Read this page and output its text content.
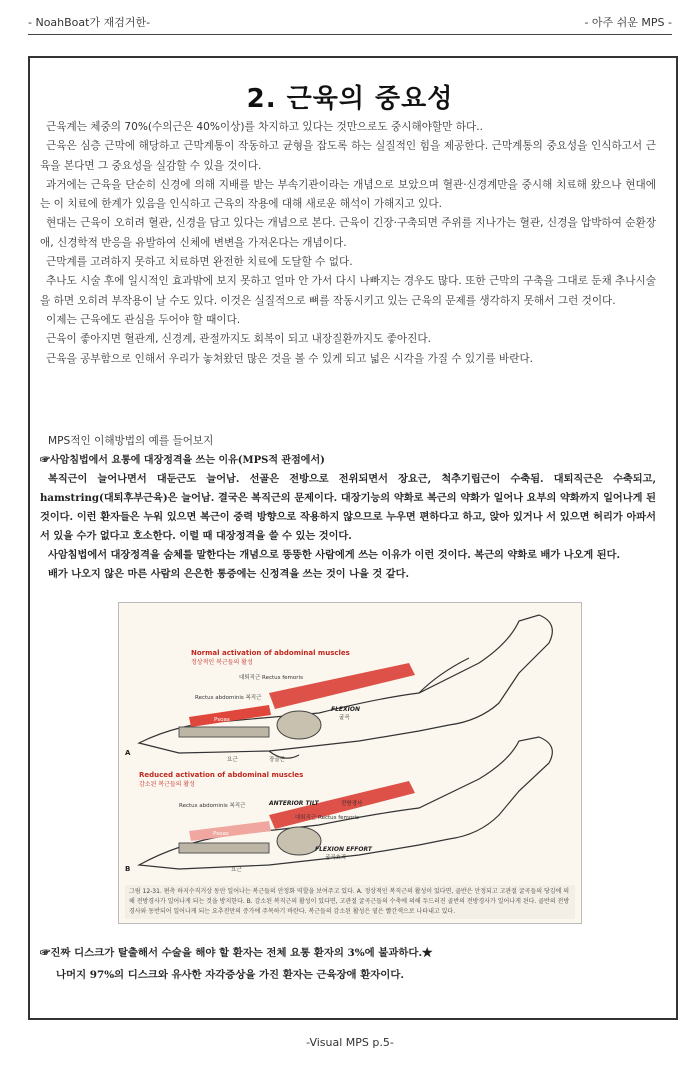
- NoahBoat가 재검거한-	- 아주 쉬운 MPS -
2. 근육의 중요성

근육계는 체중의 70%(수의근은 40%이상)를 차지하고 있다는 것만으로도 중시해야할만 하다..

근육은 심층 근막에 해당하고 근막계통이 작동하고 균형을 잡도록 하는 실질적인 힘을 제공한다. 근막계통의 중요성을 인식하고서 근육을 본다면 그 중요성을 실감할 수 있을 것이다.

과거에는 근육을 단순히 신경에 의해 지배를 받는 부속기관이라는 개념으로 보았으며 혈관·신경계만을 중시해 치료해 왔으나 현대에는 이 치료에 한계가 있음을 인식하고 근육의 작용에 대해 새로운 해석이 가해지고 있다.

현대는 근육이 오히려 혈관, 신경을 담고 있다는 개념으로 본다. 근육이 긴장·구축되면 주위를 지나가는 혈관, 신경을 압박하여 순환장애, 신경학적 반응을 유발하여 신체에 변변을 가져온다는 개념이다.

근막계를 고려하지 못하고 치료하면 완전한 치료에 도달할 수 없다.

추나도 시술 후에 일시적인 효과밖에 보지 못하고 얼마 안 가서 다시 나빠지는 경우도 많다. 또한 근막의 구축을 그대로 둔채 추나시술을 하면 오히려 부작용이 날 수도 있다. 이것은 실질적으로 뼈를 작동시키고 있는 근육의 문제를 생각하지 못해서 그런 것이다.

이제는 근육에도 관심을 두어야 할 때이다.

근육이 좋아지면 혈관계, 신경계, 관절까지도 회복이 되고 내장질환까지도 좋아진다.

근육을 공부함으로 인해서 우리가 놓쳐왔던 많은 것을 볼 수 있게 되고 넓은 시각을 가질 수 있기를 바란다.

MPS적인 이해방법의 예를 들어보지

☞사암침법에서 요통에 대장정격을 쓰는 이유(MPS적 관점에서)

복직근이 늘어나면서 대둔근도 늘어남. 선골은 전방으로 전위되면서 장요근, 척추기립근이 수축됨. 대퇴직근은 수축되고, hamstring(대퇴후부근육)은 늘어남. 결국은 복직근의 문제이다. 대장기능의 약화로 복근의 약화가 일어나 요부의 약화까지 일어나게 된것이다. 이런 환자들은 누워 있으면 복근이 중력 방향으로 작용하지 않으므로 누우면 편하다고 하고, 앉아 있거나 서 있으면 허리가 아파서 서 있을 수가 없다고 호소한다. 이럴 때 대장정격을 쓸 수 있는 것이다.

사암침법에서 대장정격을 숨체를 말한다는 개념으로 뚱뚱한 사람에게 쓰는 이유가 이런 것이다. 복근의 약화로 배가 나오게 된다.

배가 나오지 않은 마른 사람의 은은한 통증에는 신정격을 쓰는 것이 나을 것 같다.

Normal activation of abdominal muscles
정상적인 복근들의 활성
대퇴직근 Rectus femoris
Rectus abdominis 복직근
Psoas
FLEXION
굴곡
요근	장골근
A
Reduced activation of abdominal muscles
감소된 복근들의 활성
Rectus abdominis 복직근	ANTERIOR TILT	전방경사
대퇴직근 Rectus femoris
Psoas
FLEXION EFFORT
굴곡효과
요근
B
그림 12-31. 편측 하지수직거상 동안 일어나는 복근들의 안정화 역할을 보여주고 있다. A. 정상적인 복직근의 활성이 있다면, 골반은 안정되고 고관절 굴곡들의 당김에 의해 전방경사가 일어나게 되는 것을 방지한다. B. 감소된 복직근의 활성이 있다면, 고관절 굴곡근들의 수축에 의해 두드러진 골반의 전방경사가 일어나게 된다. 골반의 전방경사와 동반되어 일어나게 되는 요추전만의 증가에 주목하기 바란다. 복근들의 감소된 활성은 옅은 빨간색으로 나타내고 있다.

☞진짜 디스크가 탈출해서 수술을 해야 할 환자는 전체 요통 환자의 3%에 불과하다.★

나머지 97%의 디스크와 유사한 자각증상을 가진 환자는 근육장애 환자이다.

-Visual MPS p.5-
